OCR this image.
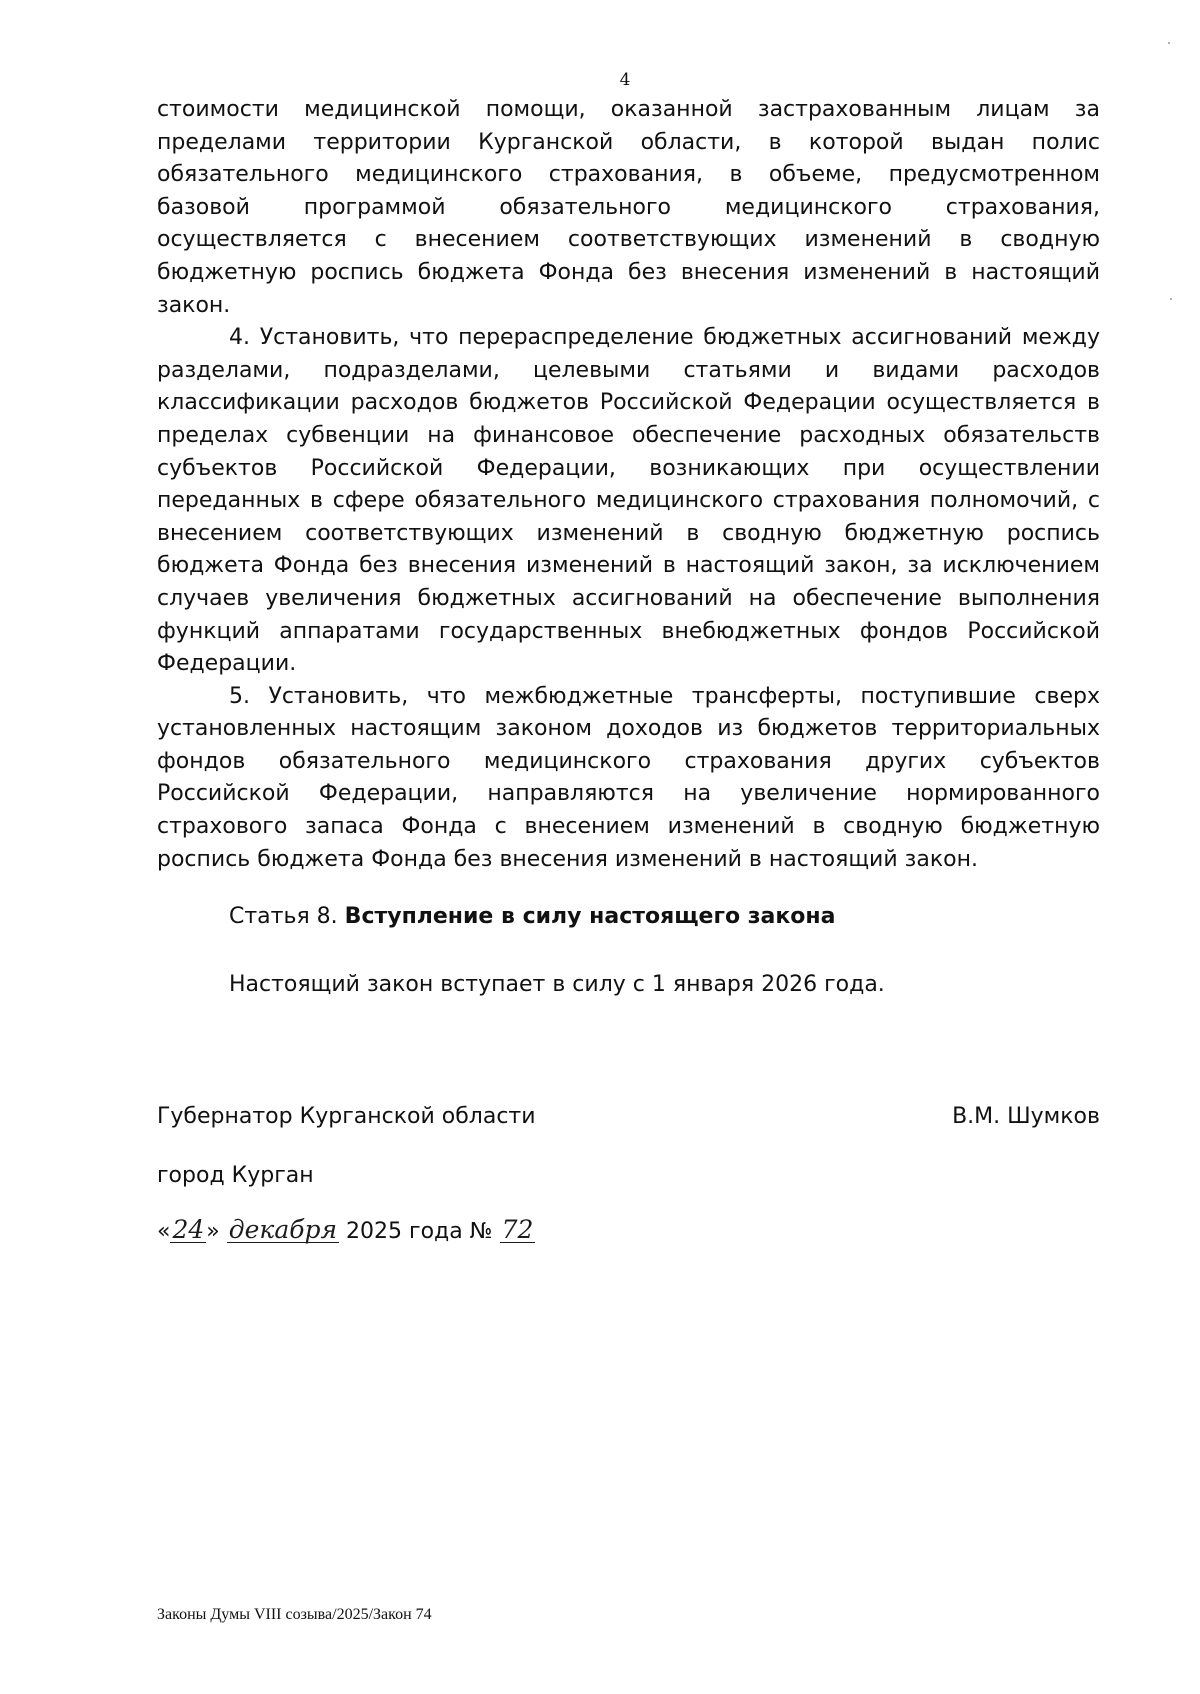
4

стоимости медицинской помощи, оказанной застрахованным лицам за пределами территории Курганской области, в которой выдан полис обязательного медицинского страхования, в объеме, предусмотренном базовой программой обязательного медицинского страхования, осуществляется с внесением соответствующих изменений в сводную бюджетную роспись бюджета Фонда без внесения изменений в настоящий закон.

4. Установить, что перераспределение бюджетных ассигнований между разделами, подразделами, целевыми статьями и видами расходов классификации расходов бюджетов Российской Федерации осуществляется в пределах субвенции на финансовое обеспечение расходных обязательств субъектов Российской Федерации, возникающих при осуществлении переданных в сфере обязательного медицинского страхования полномочий, с внесением соответствующих изменений в сводную бюджетную роспись бюджета Фонда без внесения изменений в настоящий закон, за исключением случаев увеличения бюджетных ассигнований на обеспечение выполнения функций аппаратами государственных внебюджетных фондов Российской Федерации.

5. Установить, что межбюджетные трансферты, поступившие сверх установленных настоящим законом доходов из бюджетов территориальных фондов обязательного медицинского страхования других субъектов Российской Федерации, направляются на увеличение нормированного страхового запаса Фонда с внесением изменений в сводную бюджетную роспись бюджета Фонда без внесения изменений в настоящий закон.

Статья 8. Вступление в силу настоящего закона
Настоящий закон вступает в силу с 1 января 2026 года.
Губернатор Курганской области	В.М. Шумков
город Курган
«24» декабря 2025 года № 72
Законы Думы VIII созыва/2025/Закон 74
